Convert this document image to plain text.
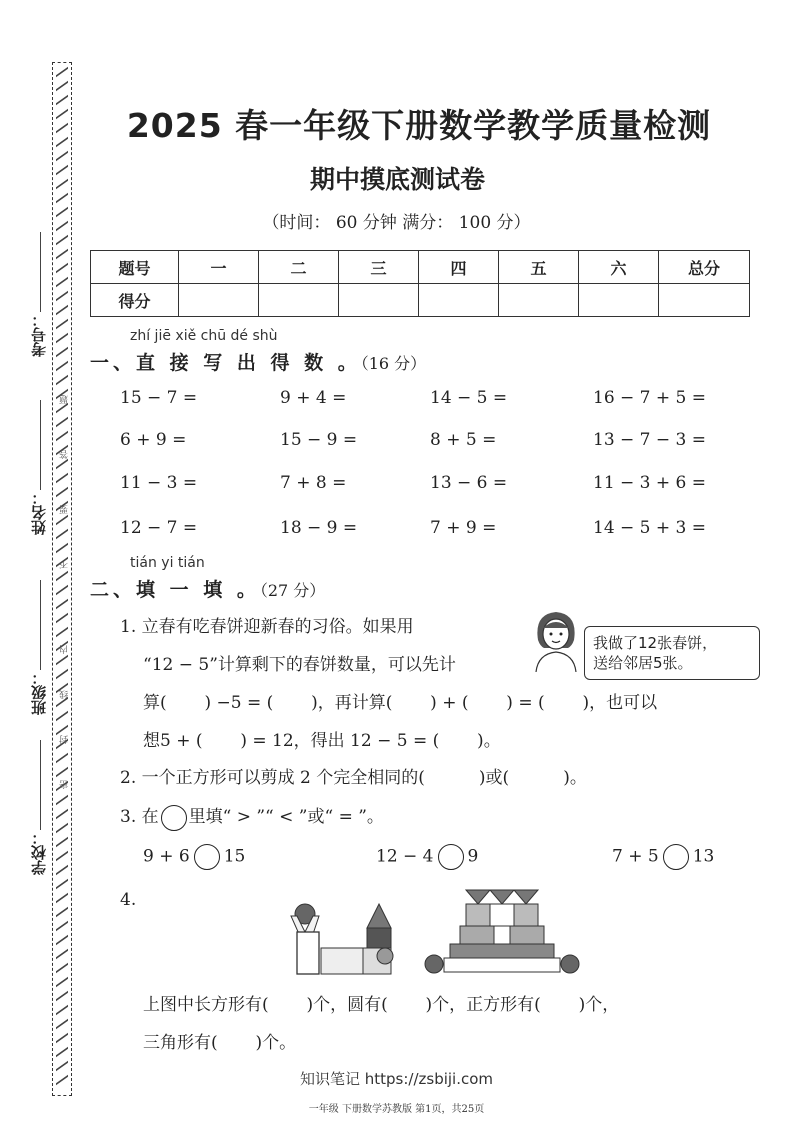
考号：
姓名：
班级：
学校：
密
封
线
内
不
要
答
题
2025 春一年级下册数学教学质量检测
期中摸底测试卷
（时间： 60 分钟 满分： 100 分）
题号	一	二	三	四	五	六	总分
得分							
zhí jiē xiě chū dé shù
一、直 接 写 出 得 数 。（16 分）
15 − 7 =	9 + 4 =	14 − 5 =	16 − 7 + 5 =
6 + 9 =	15 − 9 =	8 + 5 =	13 − 7 − 3 =
11 − 3 =	7 + 8 =	13 − 6 =	11 − 3 + 6 =
12 − 7 =	18 − 9 =	7 + 9 =	14 − 5 + 3 =
tián yi tián
二、填 一 填 。（27 分）
1. 立春有吃春饼迎新春的习俗。如果用
“12 − 5”计算剩下的春饼数量，可以先计
算(       ) −5 = (       )，再计算(       ) + (       ) = (       )，也可以
想5 + (       ) = 12，得出 12 − 5 = (       )。
我做了12张春饼，
送给邻居5张。
2. 一个正方形可以剪成 2 个完全相同的(          )或(          )。
3. 在 里填“ > ”“ < ”或“ = ”。
9 + 6 15	12 − 4 9	7 + 5 13
4.
上图中长方形有(       )个，圆有(       )个，正方形有(       )个，
三角形有(       )个。
知识笔记 https://zsbiji.com
一年级 下册数学苏教版 第1页，共25页
